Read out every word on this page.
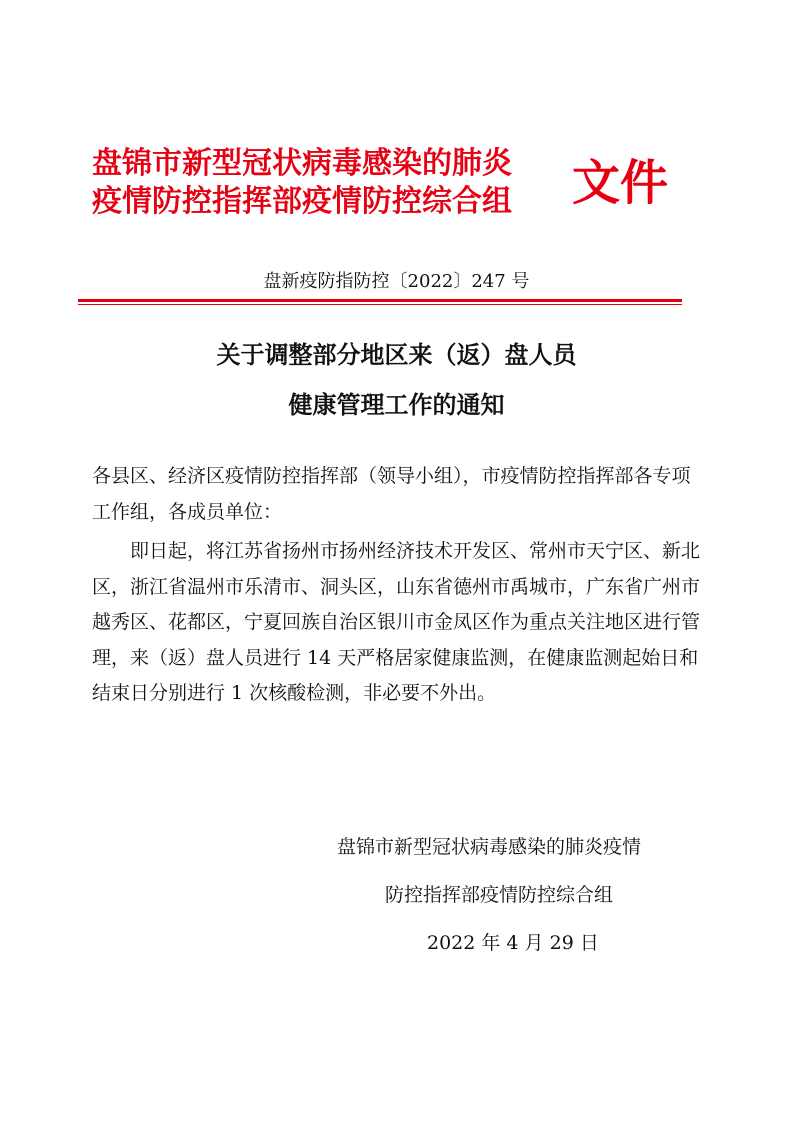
盘锦市新型冠状病毒感染的肺炎
疫情防控指挥部疫情防控综合组 文件
盘新疫防指防控〔2022〕247 号
关于调整部分地区来（返）盘人员
健康管理工作的通知

各县区、经济区疫情防控指挥部（领导小组），市疫情防控指挥部各专项工作组，各成员单位：

即日起，将江苏省扬州市扬州经济技术开发区、常州市天宁区、新北区，浙江省温州市乐清市、洞头区，山东省德州市禹城市，广东省广州市越秀区、花都区，宁夏回族自治区银川市金凤区作为重点关注地区进行管理，来（返）盘人员进行 14 天严格居家健康监测，在健康监测起始日和结束日分别进行 1 次核酸检测，非必要不外出。

盘锦市新型冠状病毒感染的肺炎疫情
防控指挥部疫情防控综合组
2022 年 4 月 29 日
